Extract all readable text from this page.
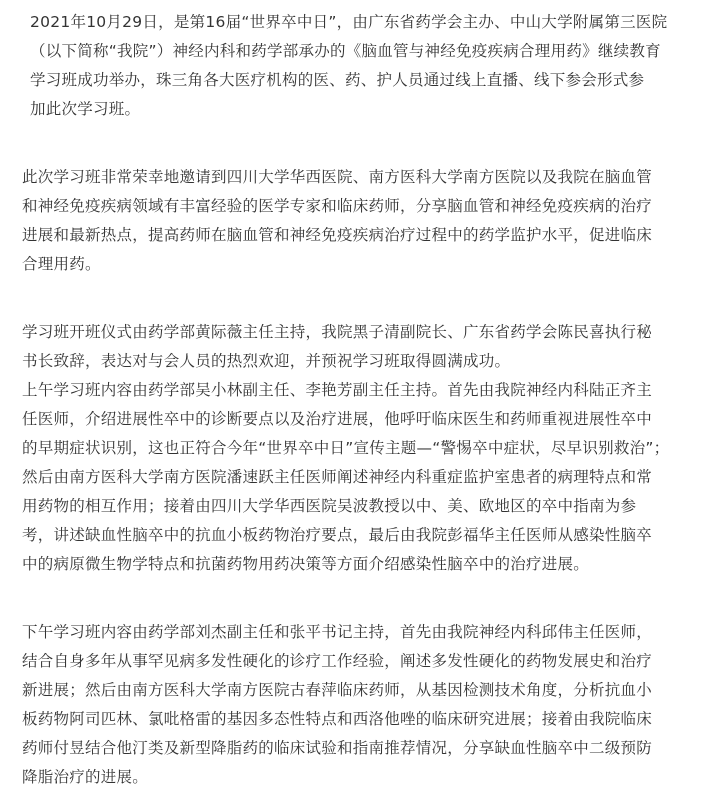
2021年10月29日，是第16届“世界卒中日”，由广东省药学会主办、中山大学附属第三医院
（以下简称“我院”）神经内科和药学部承办的《脑血管与神经免疫疾病合理用药》继续教育
学习班成功举办，珠三角各大医疗机构的医、药、护人员通过线上直播、线下参会形式参
加此次学习班。
此次学习班非常荣幸地邀请到四川大学华西医院、南方医科大学南方医院以及我院在脑血管
和神经免疫疾病领域有丰富经验的医学专家和临床药师，分享脑血管和神经免疫疾病的治疗
进展和最新热点，提高药师在脑血管和神经免疫疾病治疗过程中的药学监护水平，促进临床
合理用药。
学习班开班仪式由药学部黄际薇主任主持，我院黑子清副院长、广东省药学会陈民喜执行秘
书长致辞，表达对与会人员的热烈欢迎，并预祝学习班取得圆满成功。
上午学习班内容由药学部吴小林副主任、李艳芳副主任主持。首先由我院神经内科陆正齐主
任医师，介绍进展性卒中的诊断要点以及治疗进展，他呼吁临床医生和药师重视进展性卒中
的早期症状识别，这也正符合今年“世界卒中日”宣传主题—“警惕卒中症状，尽早识别救治”；
然后由南方医科大学南方医院潘速跃主任医师阐述神经内科重症监护室患者的病理特点和常
用药物的相互作用；接着由四川大学华西医院吴波教授以中、美、欧地区的卒中指南为参
考，讲述缺血性脑卒中的抗血小板药物治疗要点，最后由我院彭福华主任医师从感染性脑卒
中的病原微生物学特点和抗菌药物用药决策等方面介绍感染性脑卒中的治疗进展。
下午学习班内容由药学部刘杰副主任和张平书记主持，首先由我院神经内科邱伟主任医师，
结合自身多年从事罕见病多发性硬化的诊疗工作经验，阐述多发性硬化的药物发展史和治疗
新进展；然后由南方医科大学南方医院古春萍临床药师，从基因检测技术角度，分析抗血小
板药物阿司匹林、氯吡格雷的基因多态性特点和西洛他唑的临床研究进展；接着由我院临床
药师付昱结合他汀类及新型降脂药的临床试验和指南推荐情况，分享缺血性脑卒中二级预防
降脂治疗的进展。
